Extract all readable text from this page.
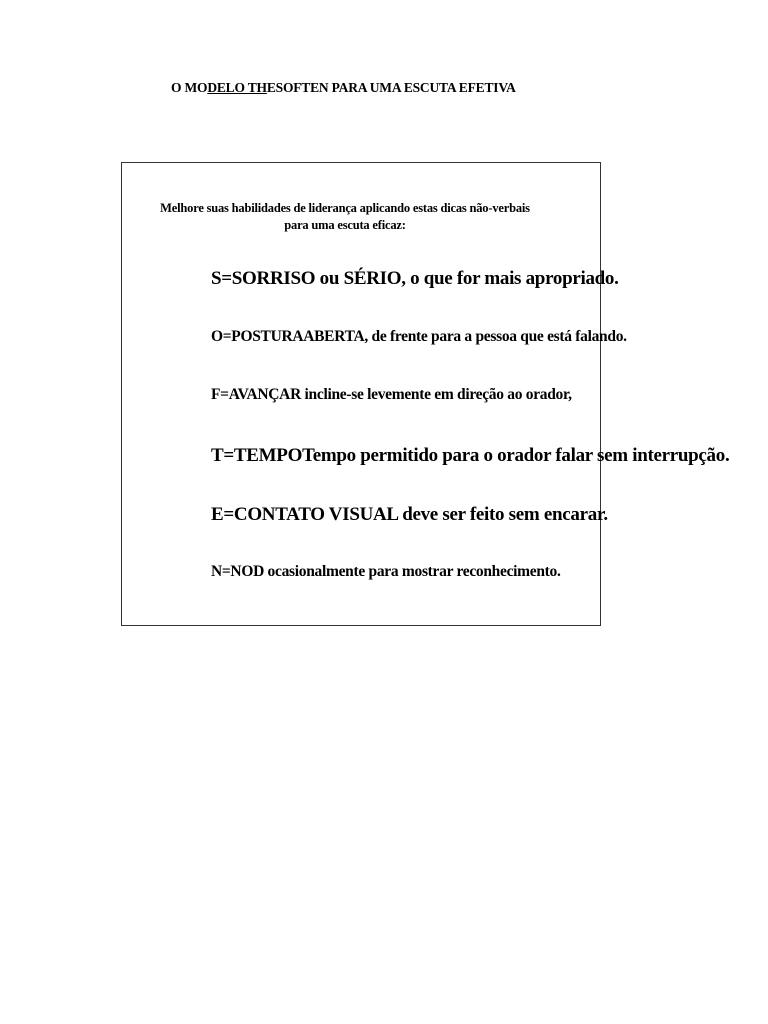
O MODELO THESOFTEN PARA UMA ESCUTA EFETIVA
Melhore suas habilidades de liderança aplicando estas dicas não-verbais
para uma escuta eficaz:
S=SORRISO ou SÉRIO, o que for mais apropriado.
O=POSTURAABERTA, de frente para a pessoa que está falando.
F=AVANÇAR incline-se levemente em direção ao orador,
T=TEMPOTempo permitido para o orador falar sem interrupção.
E=CONTATO VISUAL deve ser feito sem encarar.
N=NOD ocasionalmente para mostrar reconhecimento.
